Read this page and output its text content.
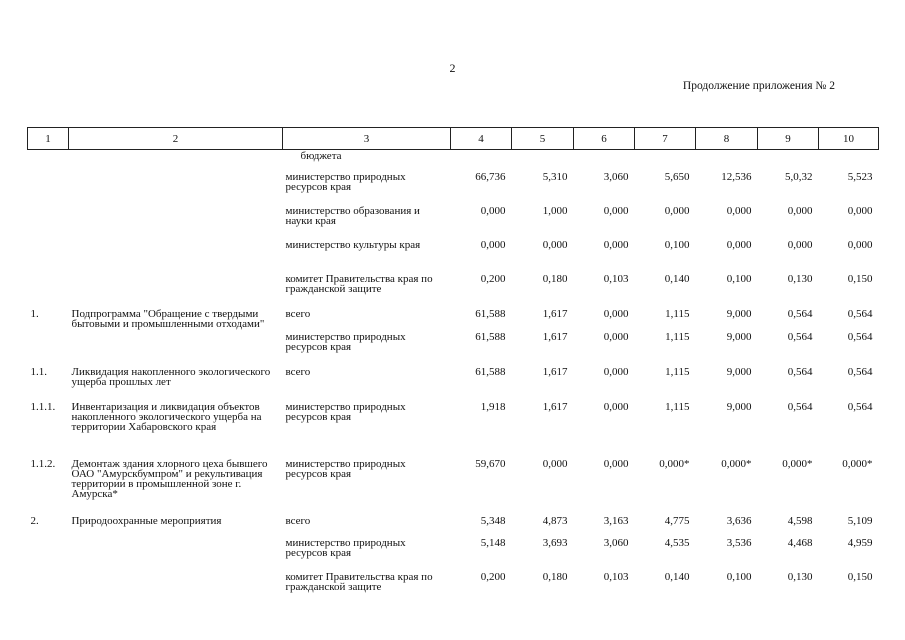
2
Продолжение приложения № 2
1	2	3	4	5	6	7	8	9	10
		бюджета							
		министерство природных ресурсов края	66,736	5,310	3,060	5,650	12,536	5,0,32	5,523
		министерство образования и науки края	0,000	1,000	0,000	0,000	0,000	0,000	0,000
		министерство культуры края	0,000	0,000	0,000	0,100	0,000	0,000	0,000
		комитет Правительства края по гражданской защите	0,200	0,180	0,103	0,140	0,100	0,130	0,150
1.	Подпрограмма "Обращение с твердыми бытовыми и промышленными отходами"	всего	61,588	1,617	0,000	1,115	9,000	0,564	0,564
		министерство природных ресурсов края	61,588	1,617	0,000	1,115	9,000	0,564	0,564
1.1.	Ликвидация накопленного экологического ущерба прошлых лет	всего	61,588	1,617	0,000	1,115	9,000	0,564	0,564
1.1.1.	Инвентаризация и ликвидация объектов накопленного экологического ущерба на территории Хабаровского края	министерство природных ресурсов края	1,918	1,617	0,000	1,115	9,000	0,564	0,564
1.1.2.	Демонтаж здания хлорного цеха бывшего ОАО "Амурскбумпром" и рекультивация территории в промышленной зоне г. Амурска*	министерство природных ресурсов края	59,670	0,000	0,000	0,000*	0,000*	0,000*	0,000*
2.	Природоохранные мероприятия	всего	5,348	4,873	3,163	4,775	3,636	4,598	5,109
		министерство природных ресурсов края	5,148	3,693	3,060	4,535	3,536	4,468	4,959
		комитет Правительства края по гражданской защите	0,200	0,180	0,103	0,140	0,100	0,130	0,150
